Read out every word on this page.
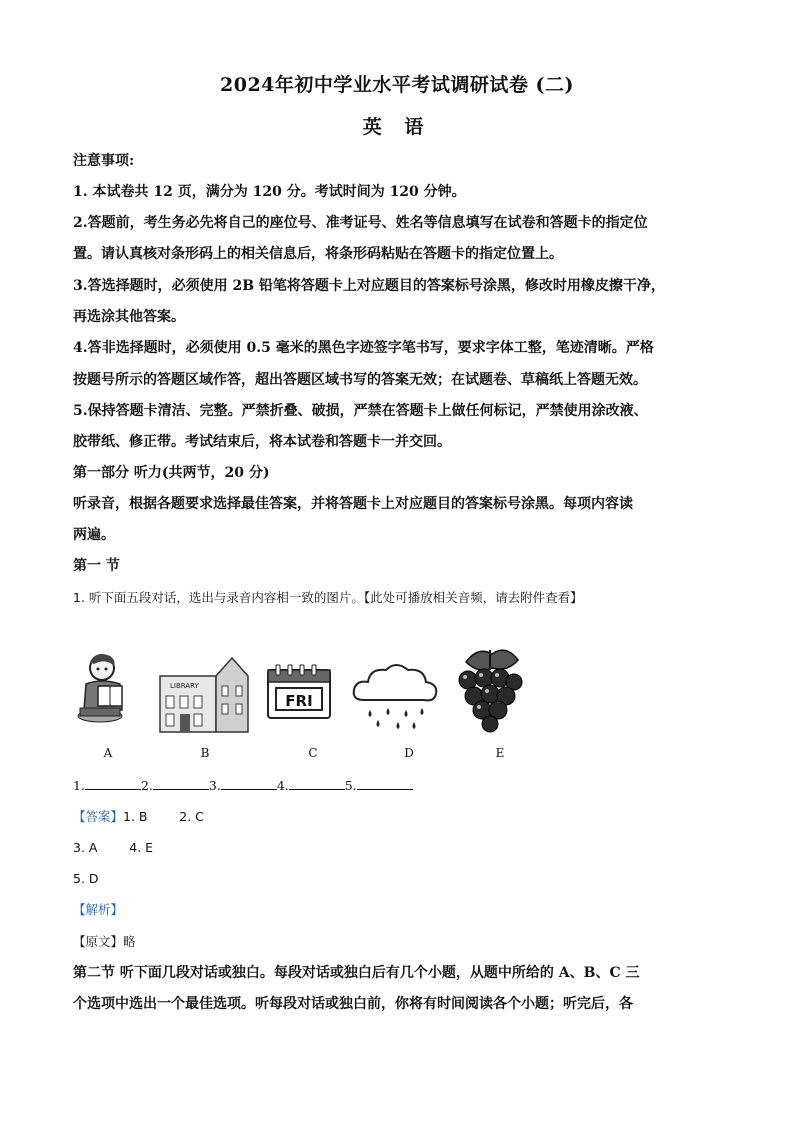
2024年初中学业水平考试调研试卷 (二)
英 语
注意事项:
1. 本试卷共 12 页，满分为 120 分。考试时间为 120 分钟。
2.答题前，考生务必先将自己的座位号、准考证号、姓名等信息填写在试卷和答题卡的指定位
置。请认真核对条形码上的相关信息后，将条形码粘贴在答题卡的指定位置上。
3.答选择题时，必须使用 2B 铅笔将答题卡上对应题目的答案标号涂黑，修改时用橡皮擦干净，
再选涂其他答案。
4.答非选择题时，必须使用 0.5 毫米的黑色字迹签字笔书写，要求字体工整，笔迹清晰。严格
按题号所示的答题区域作答，超出答题区域书写的答案无效；在试题卷、草稿纸上答题无效。
5.保持答题卡清洁、完整。严禁折叠、破损，严禁在答题卡上做任何标记，严禁使用涂改液、
胶带纸、修正带。考试结束后，将本试卷和答题卡一并交回。
第一部分 听力(共两节，20 分)
听录音，根据各题要求选择最佳答案，并将答题卡上对应题目的答案标号涂黑。每项内容读
两遍。
第一 节
1. 听下面五段对话，选出与录音内容相一致的图片。【此处可播放相关音频，请去附件查看】
A
LIBRARY
B
FRI
C	D	E
1.	2.	3.	4.	5.
【答案】1. B        2. C
3. A        4. E
5. D
【解析】
【原文】略
第二节 听下面几段对话或独白。每段对话或独白后有几个小题，从题中所给的 A、B、C 三
个选项中选出一个最佳选项。听每段对话或独白前，你将有时间阅读各个小题；听完后，各
